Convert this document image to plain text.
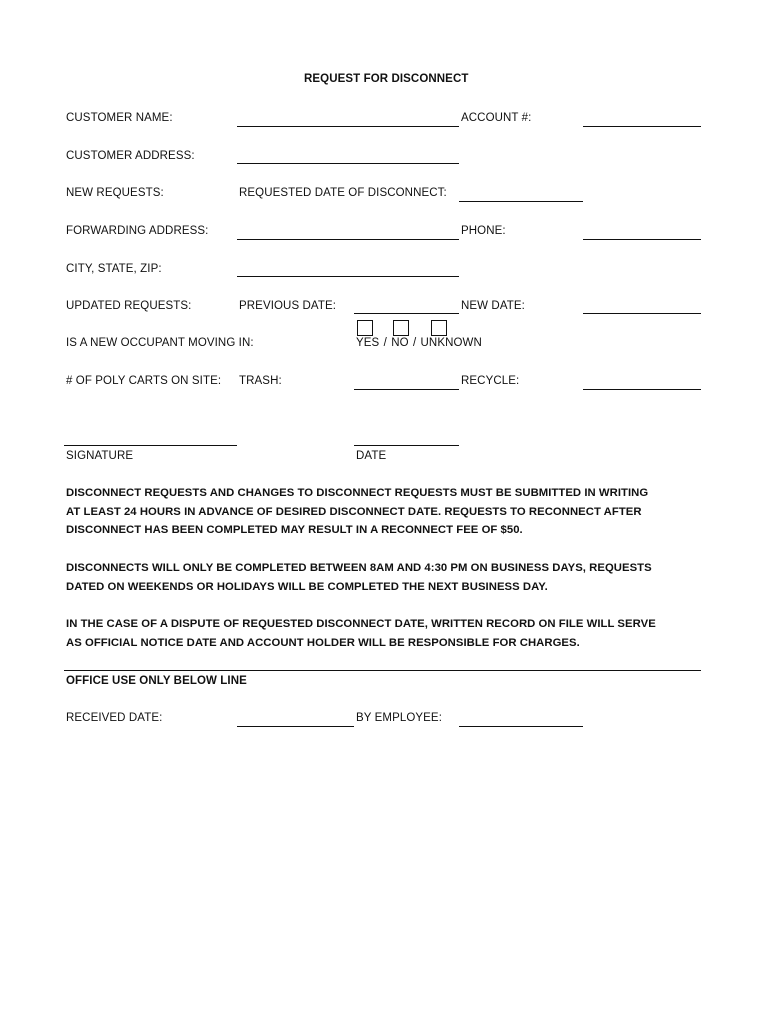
REQUEST FOR DISCONNECT
CUSTOMER NAME:	ACCOUNT #:
CUSTOMER ADDRESS:
NEW REQUESTS:	REQUESTED DATE OF DISCONNECT:
FORWARDING ADDRESS:	PHONE:
CITY, STATE, ZIP:
UPDATED REQUESTS:	PREVIOUS DATE:	NEW DATE:
IS A NEW OCCUPANT MOVING IN:	YES / NO / UNKNOWN
# OF POLY CARTS ON SITE: TRASH:	RECYCLE:
SIGNATURE	DATE
DISCONNECT REQUESTS AND CHANGES TO DISCONNECT REQUESTS MUST BE SUBMITTED IN WRITING
AT LEAST 24 HOURS IN ADVANCE OF DESIRED DISCONNECT DATE. REQUESTS TO RECONNECT AFTER
DISCONNECT HAS BEEN COMPLETED MAY RESULT IN A RECONNECT FEE OF $50.
DISCONNECTS WILL ONLY BE COMPLETED BETWEEN 8AM AND 4:30 PM ON BUSINESS DAYS, REQUESTS
DATED ON WEEKENDS OR HOLIDAYS WILL BE COMPLETED THE NEXT BUSINESS DAY.
IN THE CASE OF A DISPUTE OF REQUESTED DISCONNECT DATE, WRITTEN RECORD ON FILE WILL SERVE
AS OFFICIAL NOTICE DATE AND ACCOUNT HOLDER WILL BE RESPONSIBLE FOR CHARGES.
OFFICE USE ONLY BELOW LINE
RECEIVED DATE:	BY EMPLOYEE:
